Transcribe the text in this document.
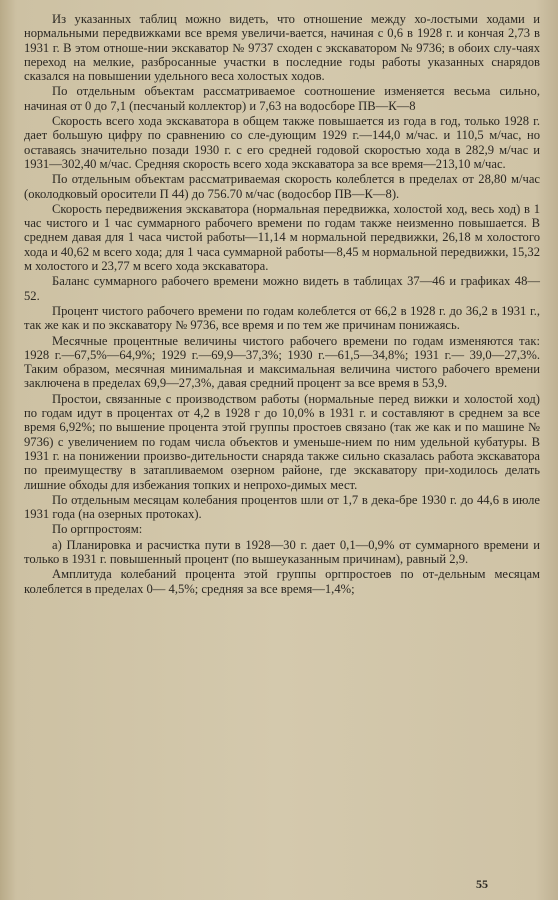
Из указанных таблиц можно видеть, что отношение между хо-лостыми ходами и нормальными передвижками все время увеличи-вается, начиная с 0,6 в 1928 г. и кончая 2,73 в 1931 г. В этом отноше-нии экскаватор № 9737 сходен с экскаватором № 9736; в обоих слу-чаях переход на мелкие, разбросанные участки в последние годы работы указанных снарядов сказался на повышении удельного веса холостых ходов.

По отдельным объектам рассматриваемое соотношение изменяется весьма сильно, начиная от 0 до 7,1 (песчаный коллектор) и 7,63 на водосборе ПВ—К—8

Скорость всего хода экскаватора в общем также повышается из года в год, только 1928 г. дает большую цифру по сравнению со сле-дующим 1929 г.—144,0 м/час. и 110,5 м/час, но оставаясь значительно позади 1930 г. с его средней годовой скоростью хода в 282,9 м/час и 1931—302,40 м/час. Средняя скорость всего хода экскаватора за все время—213,10 м/час.

По отдельным объектам рассматриваемая скорость колеблется в пределах от 28,80 м/час (околодковый оросители П 44) до 756.70 м/час (водосбор ПВ—К—8).

Скорость передвижения экскаватора (нормальная передвижка, холостой ход, весь ход) в 1 час чистого и 1 час суммарного рабочего времени по годам также неизменно повышается. В среднем давая для 1 часа чистой работы—11,14 м нормальной передвижки, 26,18 м холостого хода и 40,62 м всего хода; для 1 часа суммарной работы—8,45 м нормальной передвижки, 15,32 м холостого и 23,77 м всего хода экскаватора.

Баланс суммарного рабочего времени можно видеть в таблицах 37—46 и графиках 48—52.

Процент чистого рабочего времени по годам колеблется от 66,2 в 1928 г. до 36,2 в 1931 г., так же как и по экскаватору № 9736, все время и по тем же причинам понижаясь.

Месячные процентные величины чистого рабочего времени по годам изменяются так: 1928 г.—67,5%—64,9%; 1929 г.—69,9—37,3%; 1930 г.—61,5—34,8%; 1931 г.— 39,0—27,3%. Таким образом, месячная минимальная и максимальная величина чистого рабочего времени заключена в пределах 69,9—27,3%, давая средний процент за все время в 53,9.

Простои, связанные с производством работы (нормальные перед вижки и холостой ход) по годам идут в процентах от 4,2 в 1928 г до 10,0% в 1931 г. и составляют в среднем за все время 6,92%; по вышение процента этой группы простоев связано (так же как и по машине № 9736) с увеличением по годам числа объектов и уменьше-нием по ним удельной кубатуры. В 1931 г. на понижении произво-дительности снаряда также сильно сказалась работа экскаватора по преимуществу в затапливаемом озерном районе, где экскаватору при-ходилось делать лишние обходы для избежания топких и непрохо-димых мест.

По отдельным месяцам колебания процентов шли от 1,7 в дека-бре 1930 г. до 44,6 в июле 1931 года (на озерных протоках).

По оргпростоям:

а) Планировка и расчистка пути в 1928—30 г. дает 0,1—0,9% от суммарного времени и только в 1931 г. повышенный процент (по вышеуказанным причинам), равный 2,9.

Амплитуда колебаний процента этой группы оргпростоев по от-дельным месяцам колеблется в пределах 0— 4,5%; средняя за все время—1,4%;

55
